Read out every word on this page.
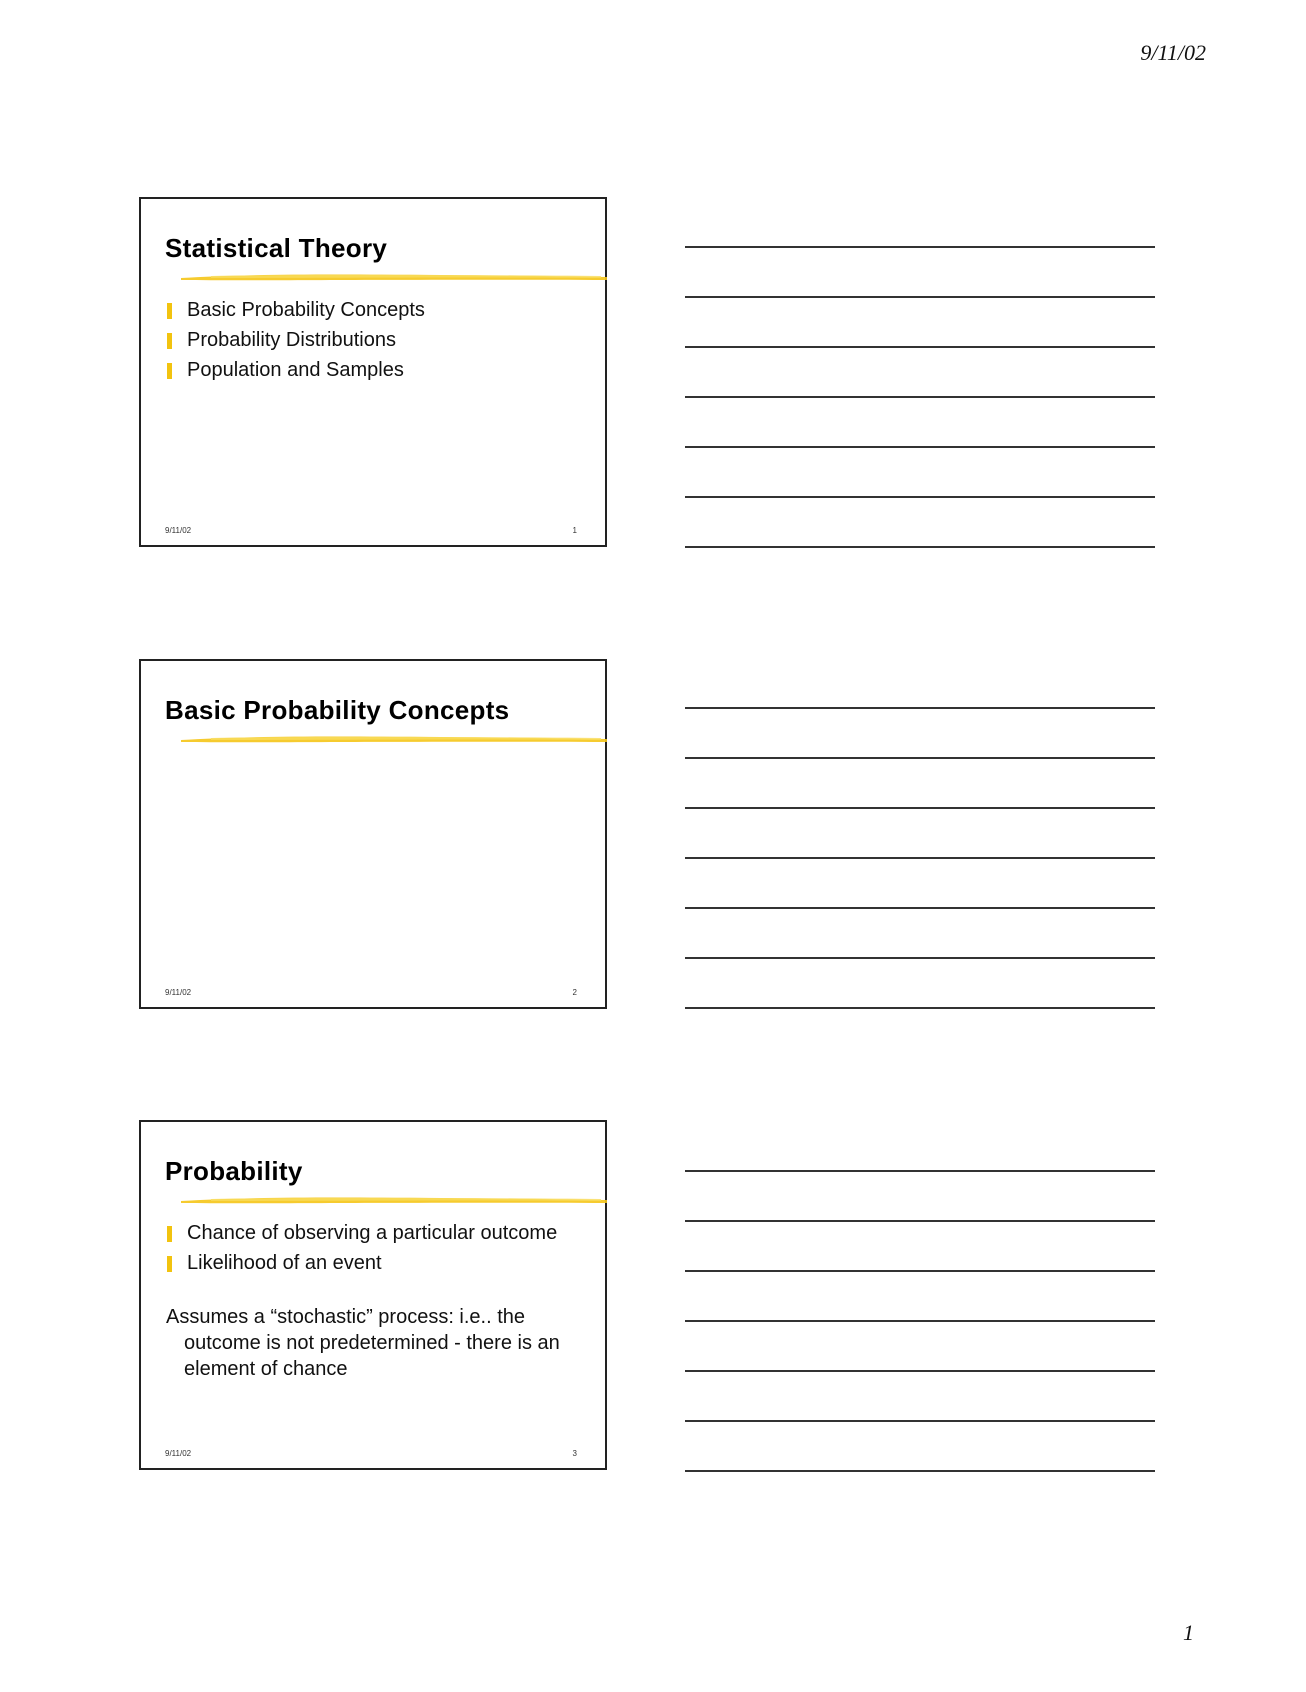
9/11/02
Statistical Theory
Basic Probability Concepts
Probability Distributions
Population and Samples
9/11/02	1
Basic Probability Concepts
9/11/02	2
Probability
Chance of observing a particular outcome
Likelihood of an event
Assumes a “stochastic” process: i.e.. the outcome is not predetermined - there is an element of chance
9/11/02	3
1
